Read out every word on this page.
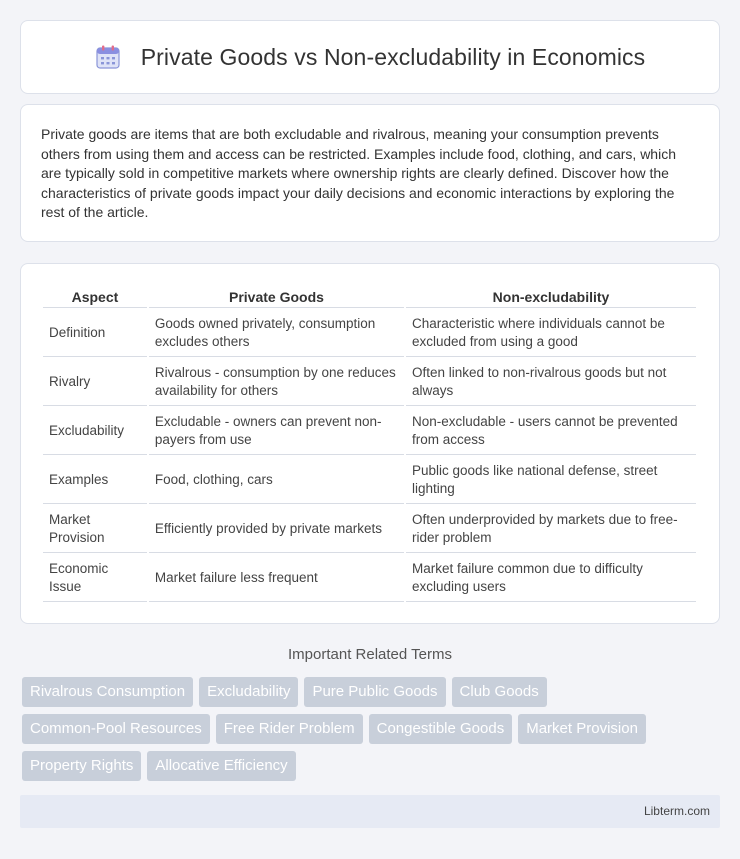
Private Goods vs Non-excludability in Economics

Private goods are items that are both excludable and rivalrous, meaning your consumption prevents others from using them and access can be restricted. Examples include food, clothing, and cars, which are typically sold in competitive markets where ownership rights are clearly defined. Discover how the characteristics of private goods impact your daily decisions and economic interactions by exploring the rest of the article.

Aspect	Private Goods	Non-excludability
Definition	Goods owned privately, consumption excludes others	Characteristic where individuals cannot be excluded from using a good
Rivalry	Rivalrous - consumption by one reduces availability for others	Often linked to non-rivalrous goods but not always
Excludability	Excludable - owners can prevent non-payers from use	Non-excludable - users cannot be prevented from access
Examples	Food, clothing, cars	Public goods like national defense, street lighting
Market Provision	Efficiently provided by private markets	Often underprovided by markets due to free-rider problem
Economic Issue	Market failure less frequent	Market failure common due to difficulty excluding users
Important Related Terms
Rivalrous Consumption	Excludability	Pure Public Goods	Club Goods
Common-Pool Resources	Free Rider Problem	Congestible Goods	Market Provision
Property Rights	Allocative Efficiency
Libterm.com
